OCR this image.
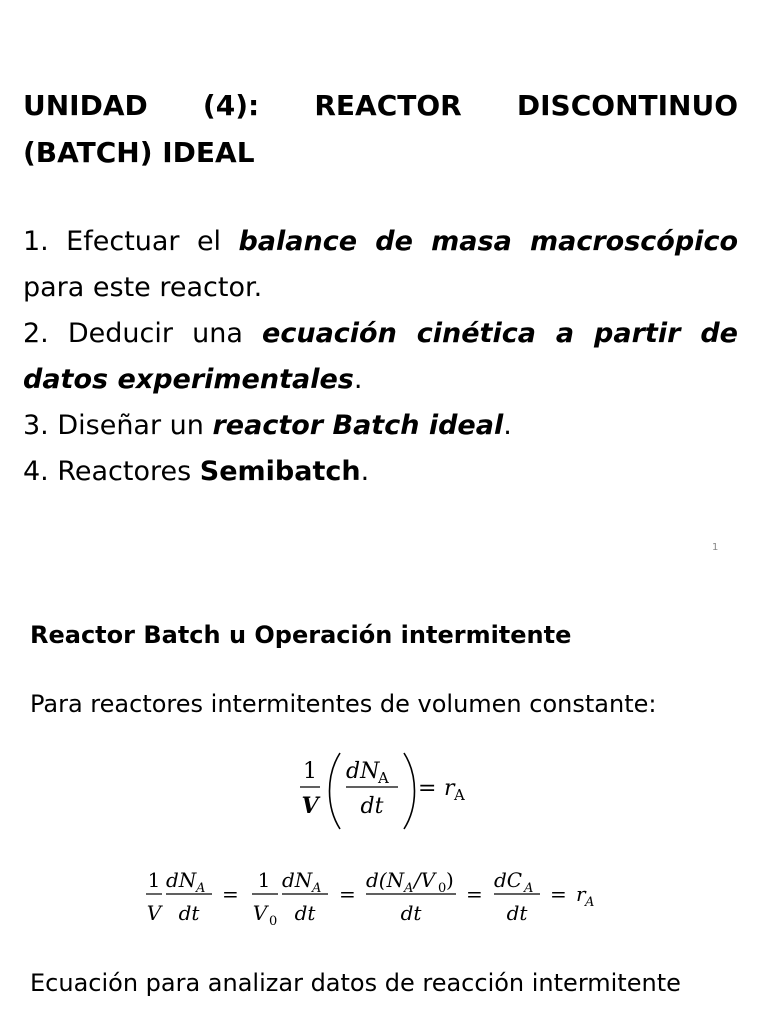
UNIDAD (4): REACTOR DISCONTINUO (BATCH) IDEAL

1. Efectuar el balance de masa macroscópico para este reactor.

2. Deducir una ecuación cinética a partir de datos experimentales.

3. Diseñar un reactor Batch ideal.

4. Reactores Semibatch.

1

Reactor Batch u Operación intermitente

Para reactores intermitentes de volumen constante:

1
V
dN
A
dt
= r A
1
V
dN A
dt
=
1
V 0
dN A
dt
=
d(N A /V 0 )
dt
=
dC A
dt
= r A

Ecuación para analizar datos de reacción intermitente
